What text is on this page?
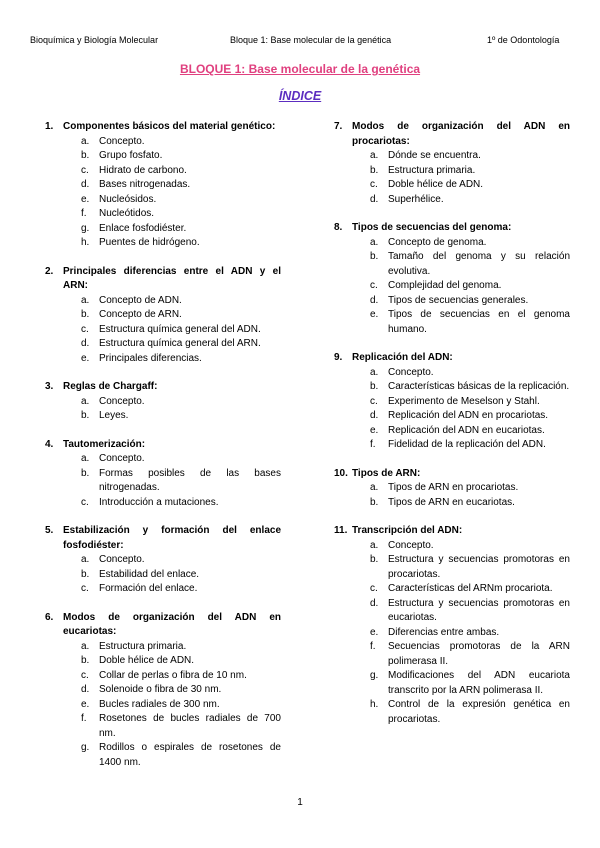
Bioquímica y Biología Molecular	Bloque 1: Base molecular de la genética	1º de Odontología
BLOQUE 1: Base molecular de la genética
ÍNDICE
1. Componentes básicos del material genético:
a. Concepto.
b. Grupo fosfato.
c. Hidrato de carbono.
d. Bases nitrogenadas.
e. Nucleósidos.
f. Nucleótidos.
g. Enlace fosfodiéster.
h. Puentes de hidrógeno.
2. Principales diferencias entre el ADN y el ARN:
a. Concepto de ADN.
b. Concepto de ARN.
c. Estructura química general del ADN.
d. Estructura química general del ARN.
e. Principales diferencias.
3. Reglas de Chargaff:
a. Concepto.
b. Leyes.
4. Tautomerización:
a. Concepto.
b. Formas posibles de las bases nitrogenadas.
c. Introducción a mutaciones.
5. Estabilización y formación del enlace fosfodiéster:
a. Concepto.
b. Estabilidad del enlace.
c. Formación del enlace.
6. Modos de organización del ADN en eucariotas:
a. Estructura primaria.
b. Doble hélice de ADN.
c. Collar de perlas o fibra de 10 nm.
d. Solenoide o fibra de 30 nm.
e. Bucles radiales de 300 nm.
f. Rosetones de bucles radiales de 700 nm.
g. Rodillos o espirales de rosetones de 1400 nm.
7. Modos de organización del ADN en procariotas:
a. Dónde se encuentra.
b. Estructura primaria.
c. Doble hélice de ADN.
d. Superhélice.
8. Tipos de secuencias del genoma:
a. Concepto de genoma.
b. Tamaño del genoma y su relación evolutiva.
c. Complejidad del genoma.
d. Tipos de secuencias generales.
e. Tipos de secuencias en el genoma humano.
9. Replicación del ADN:
a. Concepto.
b. Características básicas de la replicación.
c. Experimento de Meselson y Stahl.
d. Replicación del ADN en procariotas.
e. Replicación del ADN en eucariotas.
f. Fidelidad de la replicación del ADN.
10. Tipos de ARN:
a. Tipos de ARN en procariotas.
b. Tipos de ARN en eucariotas.
11. Transcripción del ADN:
a. Concepto.
b. Estructura y secuencias promotoras en procariotas.
c. Características del ARNm procariota.
d. Estructura y secuencias promotoras en eucariotas.
e. Diferencias entre ambas.
f. Secuencias promotoras de la ARN polimerasa II.
g. Modificaciones del ADN eucariota transcrito por la ARN polimerasa II.
h. Control de la expresión genética en procariotas.
1
